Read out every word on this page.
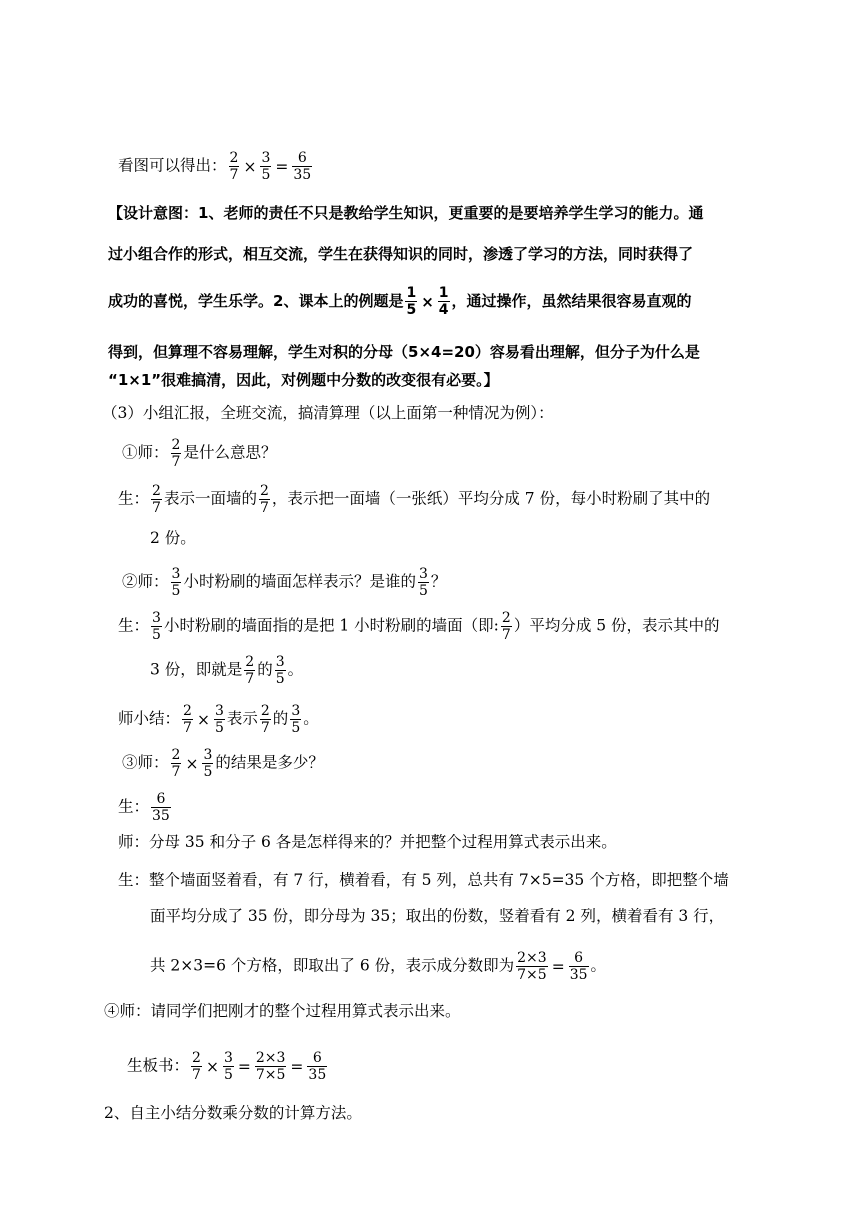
看图可以得出： $\frac{2}{7} \times \frac{3}{5} = \frac{6}{35}$
【设计意图：1、老师的责任不只是教给学生知识，更重要的是要培养学生学习的能力。通
过小组合作的形式，相互交流，学生在获得知识的同时，渗透了学习的方法，同时获得了
成功的喜悦，学生乐学。2、课本上的例题是 $\frac{1}{5} \times \frac{1}{4}$ ，通过操作，虽然结果很容易直观的
得到，但算理不容易理解，学生对积的分母（5×4=20）容易看出理解，但分子为什么是
“1×1”很难搞清，因此，对例题中分数的改变很有必要。】
（3）小组汇报，全班交流，搞清算理（以上面第一种情况为例）：
①师： $\frac{2}{7}$ 是什么意思？
生： $\frac{2}{7}$ 表示一面墙的 $\frac{2}{7}$ ，表示把一面墙（一张纸）平均分成 7 份，每小时粉刷了其中的
2 份。
②师： $\frac{3}{5}$ 小时粉刷的墙面怎样表示？是谁的 $\frac{3}{5}$ ？
生： $\frac{3}{5}$ 小时粉刷的墙面指的是把 1 小时粉刷的墙面（即: $\frac{2}{7}$ ）平均分成 5 份，表示其中的
3 份，即就是 $\frac{2}{7}$ 的 $\frac{3}{5}$ 。
师小结： $\frac{2}{7} \times \frac{3}{5}$ 表示 $\frac{2}{7}$ 的 $\frac{3}{5}$ 。
③师： $\frac{2}{7} \times \frac{3}{5}$ 的结果是多少？
生： $\frac{6}{35}$
师：分母 35 和分子 6 各是怎样得来的？并把整个过程用算式表示出来。
生：整个墙面竖着看，有 7 行，横着看，有 5 列，总共有 7×5=35 个方格，即把整个墙
面平均分成了 35 份，即分母为 35；取出的份数，竖着看有 2 列，横着看有 3 行，
共 2×3=6 个方格，即取出了 6 份，表示成分数即为 $\frac{2\times 3}{7\times 5} = \frac{6}{35}$ 。
④师：请同学们把刚才的整个过程用算式表示出来。
生板书： $\frac{2}{7} \times \frac{3}{5} = \frac{2\times 3}{7\times 5} = \frac{6}{35}$
2、自主小结分数乘分数的计算方法。
